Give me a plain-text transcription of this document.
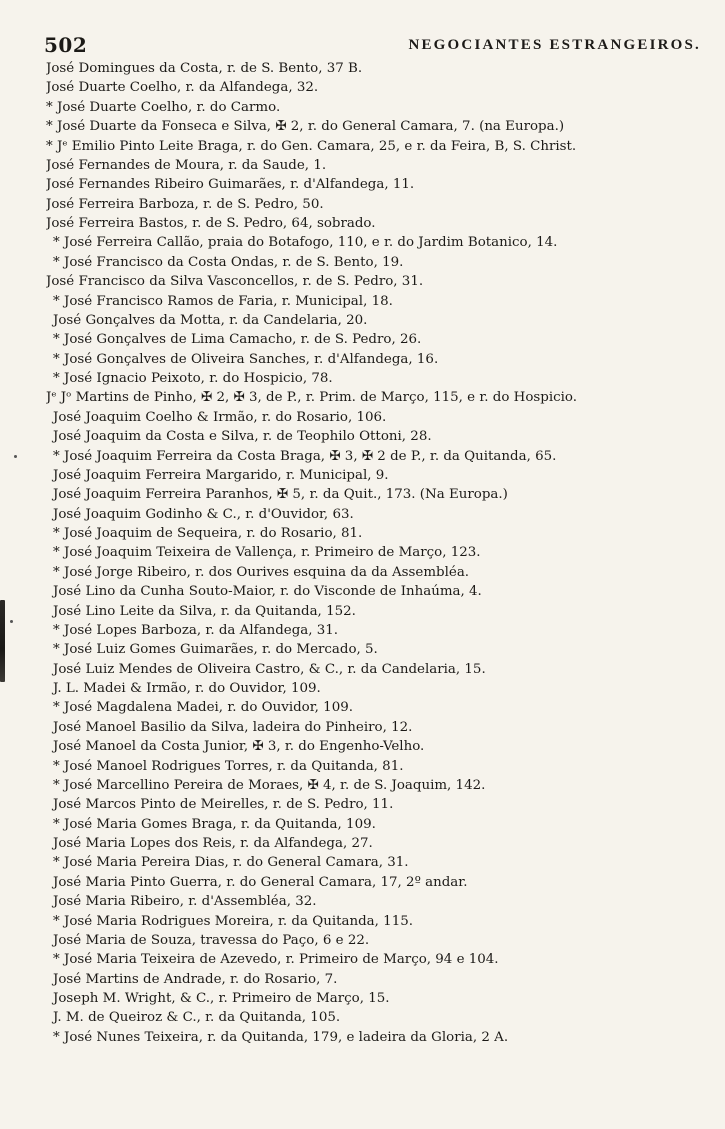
502	NEGOCIANTES ESTRANGEIROS.
José Domingues da Costa, r. de S. Bento, 37 B.
José Duarte Coelho, r. da Alfandega, 32.
* José Duarte Coelho, r. do Carmo.
* José Duarte da Fonseca e Silva, ✠ 2, r. do General Camara, 7. (na Europa.)
* Jᵉ Emilio Pinto Leite Braga, r. do Gen. Camara, 25, e r. da Feira, B, S. Christ.
José Fernandes de Moura, r. da Saude, 1.
José Fernandes Ribeiro Guimarães, r. d'Alfandega, 11.
José Ferreira Barboza, r. de S. Pedro, 50.
José Ferreira Bastos, r. de S. Pedro, 64, sobrado.
* José Ferreira Callão, praia do Botafogo, 110, e r. do Jardim Botanico, 14.
* José Francisco da Costa Ondas, r. de S. Bento, 19.
José Francisco da Silva Vasconcellos, r. de S. Pedro, 31.
* José Francisco Ramos de Faria, r. Municipal, 18.
José Gonçalves da Motta, r. da Candelaria, 20.
* José Gonçalves de Lima Camacho, r. de S. Pedro, 26.
* José Gonçalves de Oliveira Sanches, r. d'Alfandega, 16.
* José Ignacio Peixoto, r. do Hospicio, 78.
Jᵉ Jᵒ Martins de Pinho, ✠ 2, ✠ 3, de P., r. Prim. de Março, 115, e r. do Hospicio.
José Joaquim Coelho & Irmão, r. do Rosario, 106.
José Joaquim da Costa e Silva, r. de Teophilo Ottoni, 28.
* José Joaquim Ferreira da Costa Braga, ✠ 3, ✠ 2 de P., r. da Quitanda, 65.
José Joaquim Ferreira Margarido, r. Municipal, 9.
José Joaquim Ferreira Paranhos, ✠ 5, r. da Quit., 173. (Na Europa.)
José Joaquim Godinho & C., r. d'Ouvidor, 63.
* José Joaquim de Sequeira, r. do Rosario, 81.
* José Joaquim Teixeira de Vallença, r. Primeiro de Março, 123.
* José Jorge Ribeiro, r. dos Ourives esquina da da Assembléa.
José Lino da Cunha Souto-Maior, r. do Visconde de Inhaúma, 4.
José Lino Leite da Silva, r. da Quitanda, 152.
* José Lopes Barboza, r. da Alfandega, 31.
* José Luiz Gomes Guimarães, r. do Mercado, 5.
José Luiz Mendes de Oliveira Castro, & C., r. da Candelaria, 15.
J. L. Madei & Irmão, r. do Ouvidor, 109.
* José Magdalena Madei, r. do Ouvidor, 109.
José Manoel Basilio da Silva, ladeira do Pinheiro, 12.
José Manoel da Costa Junior, ✠ 3, r. do Engenho-Velho.
* José Manoel Rodrigues Torres, r. da Quitanda, 81.
* José Marcellino Pereira de Moraes, ✠ 4, r. de S. Joaquim, 142.
José Marcos Pinto de Meirelles, r. de S. Pedro, 11.
* José Maria Gomes Braga, r. da Quitanda, 109.
José Maria Lopes dos Reis, r. da Alfandega, 27.
* José Maria Pereira Dias, r. do General Camara, 31.
José Maria Pinto Guerra, r. do General Camara, 17, 2º andar.
José Maria Ribeiro, r. d'Assembléa, 32.
* José Maria Rodrigues Moreira, r. da Quitanda, 115.
José Maria de Souza, travessa do Paço, 6 e 22.
* José Maria Teixeira de Azevedo, r. Primeiro de Março, 94 e 104.
José Martins de Andrade, r. do Rosario, 7.
Joseph M. Wright, & C., r. Primeiro de Março, 15.
J. M. de Queiroz & C., r. da Quitanda, 105.
* José Nunes Teixeira, r. da Quitanda, 179, e ladeira da Gloria, 2 A.
